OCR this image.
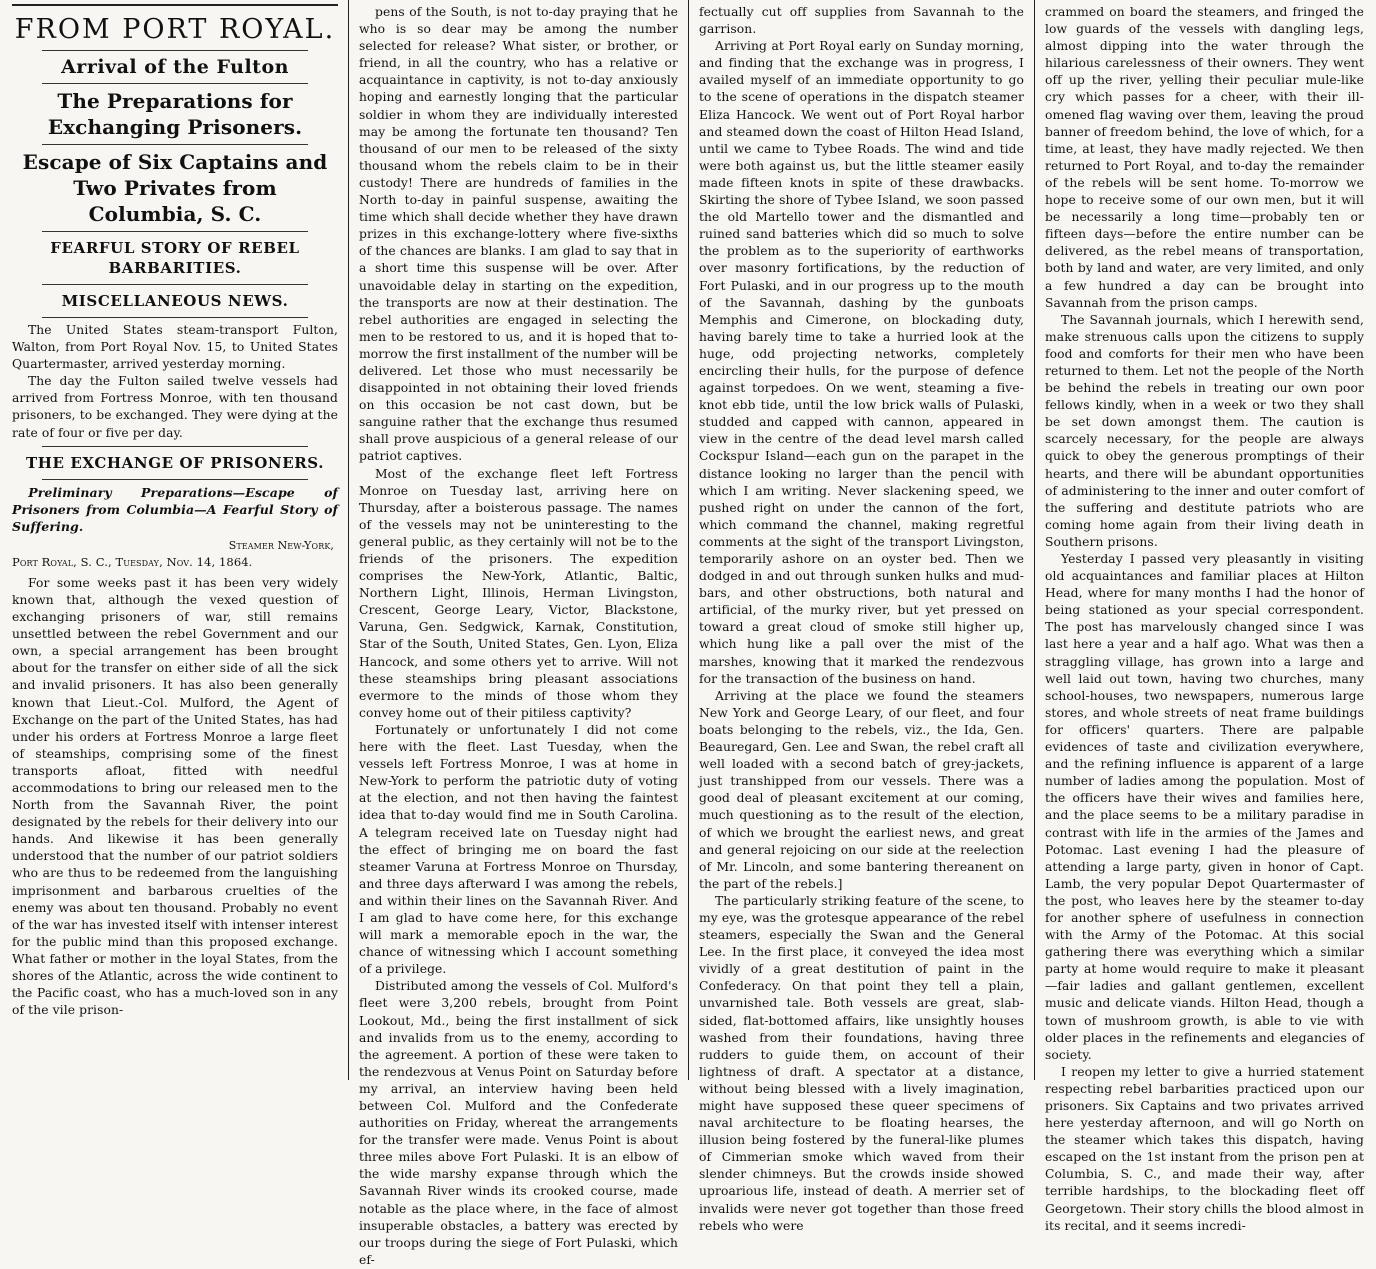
FROM PORT ROYAL.
Arrival of the Fulton
The Preparations for Exchanging Prisoners.
Escape of Six Captains and Two Privates from Columbia, S. C.
FEARFUL STORY OF REBEL BARBARITIES.
MISCELLANEOUS NEWS.

The United States steam-transport Fulton, Walton, from Port Royal Nov. 15, to United States Quartermaster, arrived yesterday morning.

The day the Fulton sailed twelve vessels had arrived from Fortress Monroe, with ten thousand prisoners, to be exchanged. They were dying at the rate of four or five per day.

THE EXCHANGE OF PRISONERS.

Preliminary Preparations—Escape of Prisoners from Columbia—A Fearful Story of Suffering.

Steamer New-York,
Port Royal, S. C., Tuesday, Nov. 14, 1864.

For some weeks past it has been very widely known that, although the vexed question of exchanging prisoners of war, still remains unsettled between the rebel Government and our own, a special arrangement has been brought about for the transfer on either side of all the sick and invalid prisoners. It has also been generally known that Lieut.-Col. Mulford, the Agent of Exchange on the part of the United States, has had under his orders at Fortress Monroe a large fleet of steamships, comprising some of the finest transports afloat, fitted with needful accommodations to bring our released men to the North from the Savannah River, the point designated by the rebels for their delivery into our hands. And likewise it has been generally understood that the number of our patriot soldiers who are thus to be redeemed from the languishing imprisonment and barbarous cruelties of the enemy was about ten thousand. Probably no event of the war has invested itself with intenser interest for the public mind than this proposed exchange. What father or mother in the loyal States, from the shores of the Atlantic, across the wide continent to the Pacific coast, who has a much-loved son in any of the vile prison-

pens of the South, is not to-day praying that he who is so dear may be among the number selected for release? What sister, or brother, or friend, in all the country, who has a relative or acquaintance in captivity, is not to-day anxiously hoping and earnestly longing that the particular soldier in whom they are individually interested may be among the fortunate ten thousand? Ten thousand of our men to be released of the sixty thousand whom the rebels claim to be in their custody! There are hundreds of families in the North to-day in painful suspense, awaiting the time which shall decide whether they have drawn prizes in this exchange-lottery where five-sixths of the chances are blanks. I am glad to say that in a short time this suspense will be over. After unavoidable delay in starting on the expedition, the transports are now at their destination. The rebel authorities are engaged in selecting the men to be restored to us, and it is hoped that to-morrow the first installment of the number will be delivered. Let those who must necessarily be disappointed in not obtaining their loved friends on this occasion be not cast down, but be sanguine rather that the exchange thus resumed shall prove auspicious of a general release of our patriot captives.

Most of the exchange fleet left Fortress Monroe on Tuesday last, arriving here on Thursday, after a boisterous passage. The names of the vessels may not be uninteresting to the general public, as they certainly will not be to the friends of the prisoners. The expedition comprises the New-York, Atlantic, Baltic, Northern Light, Illinois, Herman Livingston, Crescent, George Leary, Victor, Blackstone, Varuna, Gen. Sedgwick, Karnak, Constitution, Star of the South, United States, Gen. Lyon, Eliza Hancock, and some others yet to arrive. Will not these steamships bring pleasant associations evermore to the minds of those whom they convey home out of their pitiless captivity?

Fortunately or unfortunately I did not come here with the fleet. Last Tuesday, when the vessels left Fortress Monroe, I was at home in New-York to perform the patriotic duty of voting at the election, and not then having the faintest idea that to-day would find me in South Carolina. A telegram received late on Tuesday night had the effect of bringing me on board the fast steamer Varuna at Fortress Monroe on Thursday, and three days afterward I was among the rebels, and within their lines on the Savannah River. And I am glad to have come here, for this exchange will mark a memorable epoch in the war, the chance of witnessing which I account something of a privilege.

Distributed among the vessels of Col. Mulford's fleet were 3,200 rebels, brought from Point Lookout, Md., being the first installment of sick and invalids from us to the enemy, according to the agreement. A portion of these were taken to the rendezvous at Venus Point on Saturday before my arrival, an interview having been held between Col. Mulford and the Confederate authorities on Friday, whereat the arrangements for the transfer were made. Venus Point is about three miles above Fort Pulaski. It is an elbow of the wide marshy expanse through which the Savannah River winds its crooked course, made notable as the place where, in the face of almost insuperable obstacles, a battery was erected by our troops during the siege of Fort Pulaski, which ef-

fectually cut off supplies from Savannah to the garrison.

Arriving at Port Royal early on Sunday morning, and finding that the exchange was in progress, I availed myself of an immediate opportunity to go to the scene of operations in the dispatch steamer Eliza Hancock. We went out of Port Royal harbor and steamed down the coast of Hilton Head Island, until we came to Tybee Roads. The wind and tide were both against us, but the little steamer easily made fifteen knots in spite of these drawbacks. Skirting the shore of Tybee Island, we soon passed the old Martello tower and the dismantled and ruined sand batteries which did so much to solve the problem as to the superiority of earthworks over masonry fortifications, by the reduction of Fort Pulaski, and in our progress up to the mouth of the Savannah, dashing by the gunboats Memphis and Cimerone, on blockading duty, having barely time to take a hurried look at the huge, odd projecting networks, completely encircling their hulls, for the purpose of defence against torpedoes. On we went, steaming a five-knot ebb tide, until the low brick walls of Pulaski, studded and capped with cannon, appeared in view in the centre of the dead level marsh called Cockspur Island—each gun on the parapet in the distance looking no larger than the pencil with which I am writing. Never slackening speed, we pushed right on under the cannon of the fort, which command the channel, making regretful comments at the sight of the transport Livingston, temporarily ashore on an oyster bed. Then we dodged in and out through sunken hulks and mud-bars, and other obstructions, both natural and artificial, of the murky river, but yet pressed on toward a great cloud of smoke still higher up, which hung like a pall over the mist of the marshes, knowing that it marked the rendezvous for the transaction of the business on hand.

Arriving at the place we found the steamers New York and George Leary, of our fleet, and four boats belonging to the rebels, viz., the Ida, Gen. Beauregard, Gen. Lee and Swan, the rebel craft all well loaded with a second batch of grey-jackets, just transhipped from our vessels. There was a good deal of pleasant excitement at our coming, much questioning as to the result of the election, of which we brought the earliest news, and great and general rejoicing on our side at the reelection of Mr. Lincoln, and some bantering thereanent on the part of the rebels.]

The particularly striking feature of the scene, to my eye, was the grotesque appearance of the rebel steamers, especially the Swan and the General Lee. In the first place, it conveyed the idea most vividly of a great destitution of paint in the Confederacy. On that point they tell a plain, unvarnished tale. Both vessels are great, slab-sided, flat-bottomed affairs, like unsightly houses washed from their foundations, having three rudders to guide them, on account of their lightness of draft. A spectator at a distance, without being blessed with a lively imagination, might have supposed these queer specimens of naval architecture to be floating hearses, the illusion being fostered by the funeral-like plumes of Cimmerian smoke which waved from their slender chimneys. But the crowds inside showed uproarious life, instead of death. A merrier set of invalids were never got together than those freed rebels who were

crammed on board the steamers, and fringed the low guards of the vessels with dangling legs, almost dipping into the water through the hilarious carelessness of their owners. They went off up the river, yelling their peculiar mule-like cry which passes for a cheer, with their ill-omened flag waving over them, leaving the proud banner of freedom behind, the love of which, for a time, at least, they have madly rejected. We then returned to Port Royal, and to-day the remainder of the rebels will be sent home. To-morrow we hope to receive some of our own men, but it will be necessarily a long time—probably ten or fifteen days—before the entire number can be delivered, as the rebel means of transportation, both by land and water, are very limited, and only a few hundred a day can be brought into Savannah from the prison camps.

The Savannah journals, which I herewith send, make strenuous calls upon the citizens to supply food and comforts for their men who have been returned to them. Let not the people of the North be behind the rebels in treating our own poor fellows kindly, when in a week or two they shall be set down amongst them. The caution is scarcely necessary, for the people are always quick to obey the generous promptings of their hearts, and there will be abundant opportunities of administering to the inner and outer comfort of the suffering and destitute patriots who are coming home again from their living death in Southern prisons.

Yesterday I passed very pleasantly in visiting old acquaintances and familiar places at Hilton Head, where for many months I had the honor of being stationed as your special correspondent. The post has marvelously changed since I was last here a year and a half ago. What was then a straggling village, has grown into a large and well laid out town, having two churches, many school-houses, two newspapers, numerous large stores, and whole streets of neat frame buildings for officers' quarters. There are palpable evidences of taste and civilization everywhere, and the refining influence is apparent of a large number of ladies among the population. Most of the officers have their wives and families here, and the place seems to be a military paradise in contrast with life in the armies of the James and Potomac. Last evening I had the pleasure of attending a large party, given in honor of Capt. Lamb, the very popular Depot Quartermaster of the post, who leaves here by the steamer to-day for another sphere of usefulness in connection with the Army of the Potomac. At this social gathering there was everything which a similar party at home would require to make it pleasant—fair ladies and gallant gentlemen, excellent music and delicate viands. Hilton Head, though a town of mushroom growth, is able to vie with older places in the refinements and elegancies of society.

I reopen my letter to give a hurried statement respecting rebel barbarities practiced upon our prisoners. Six Captains and two privates arrived here yesterday afternoon, and will go North on the steamer which takes this dispatch, having escaped on the 1st instant from the prison pen at Columbia, S. C., and made their way, after terrible hardships, to the blockading fleet off Georgetown. Their story chills the blood almost in its recital, and it seems incredi-
